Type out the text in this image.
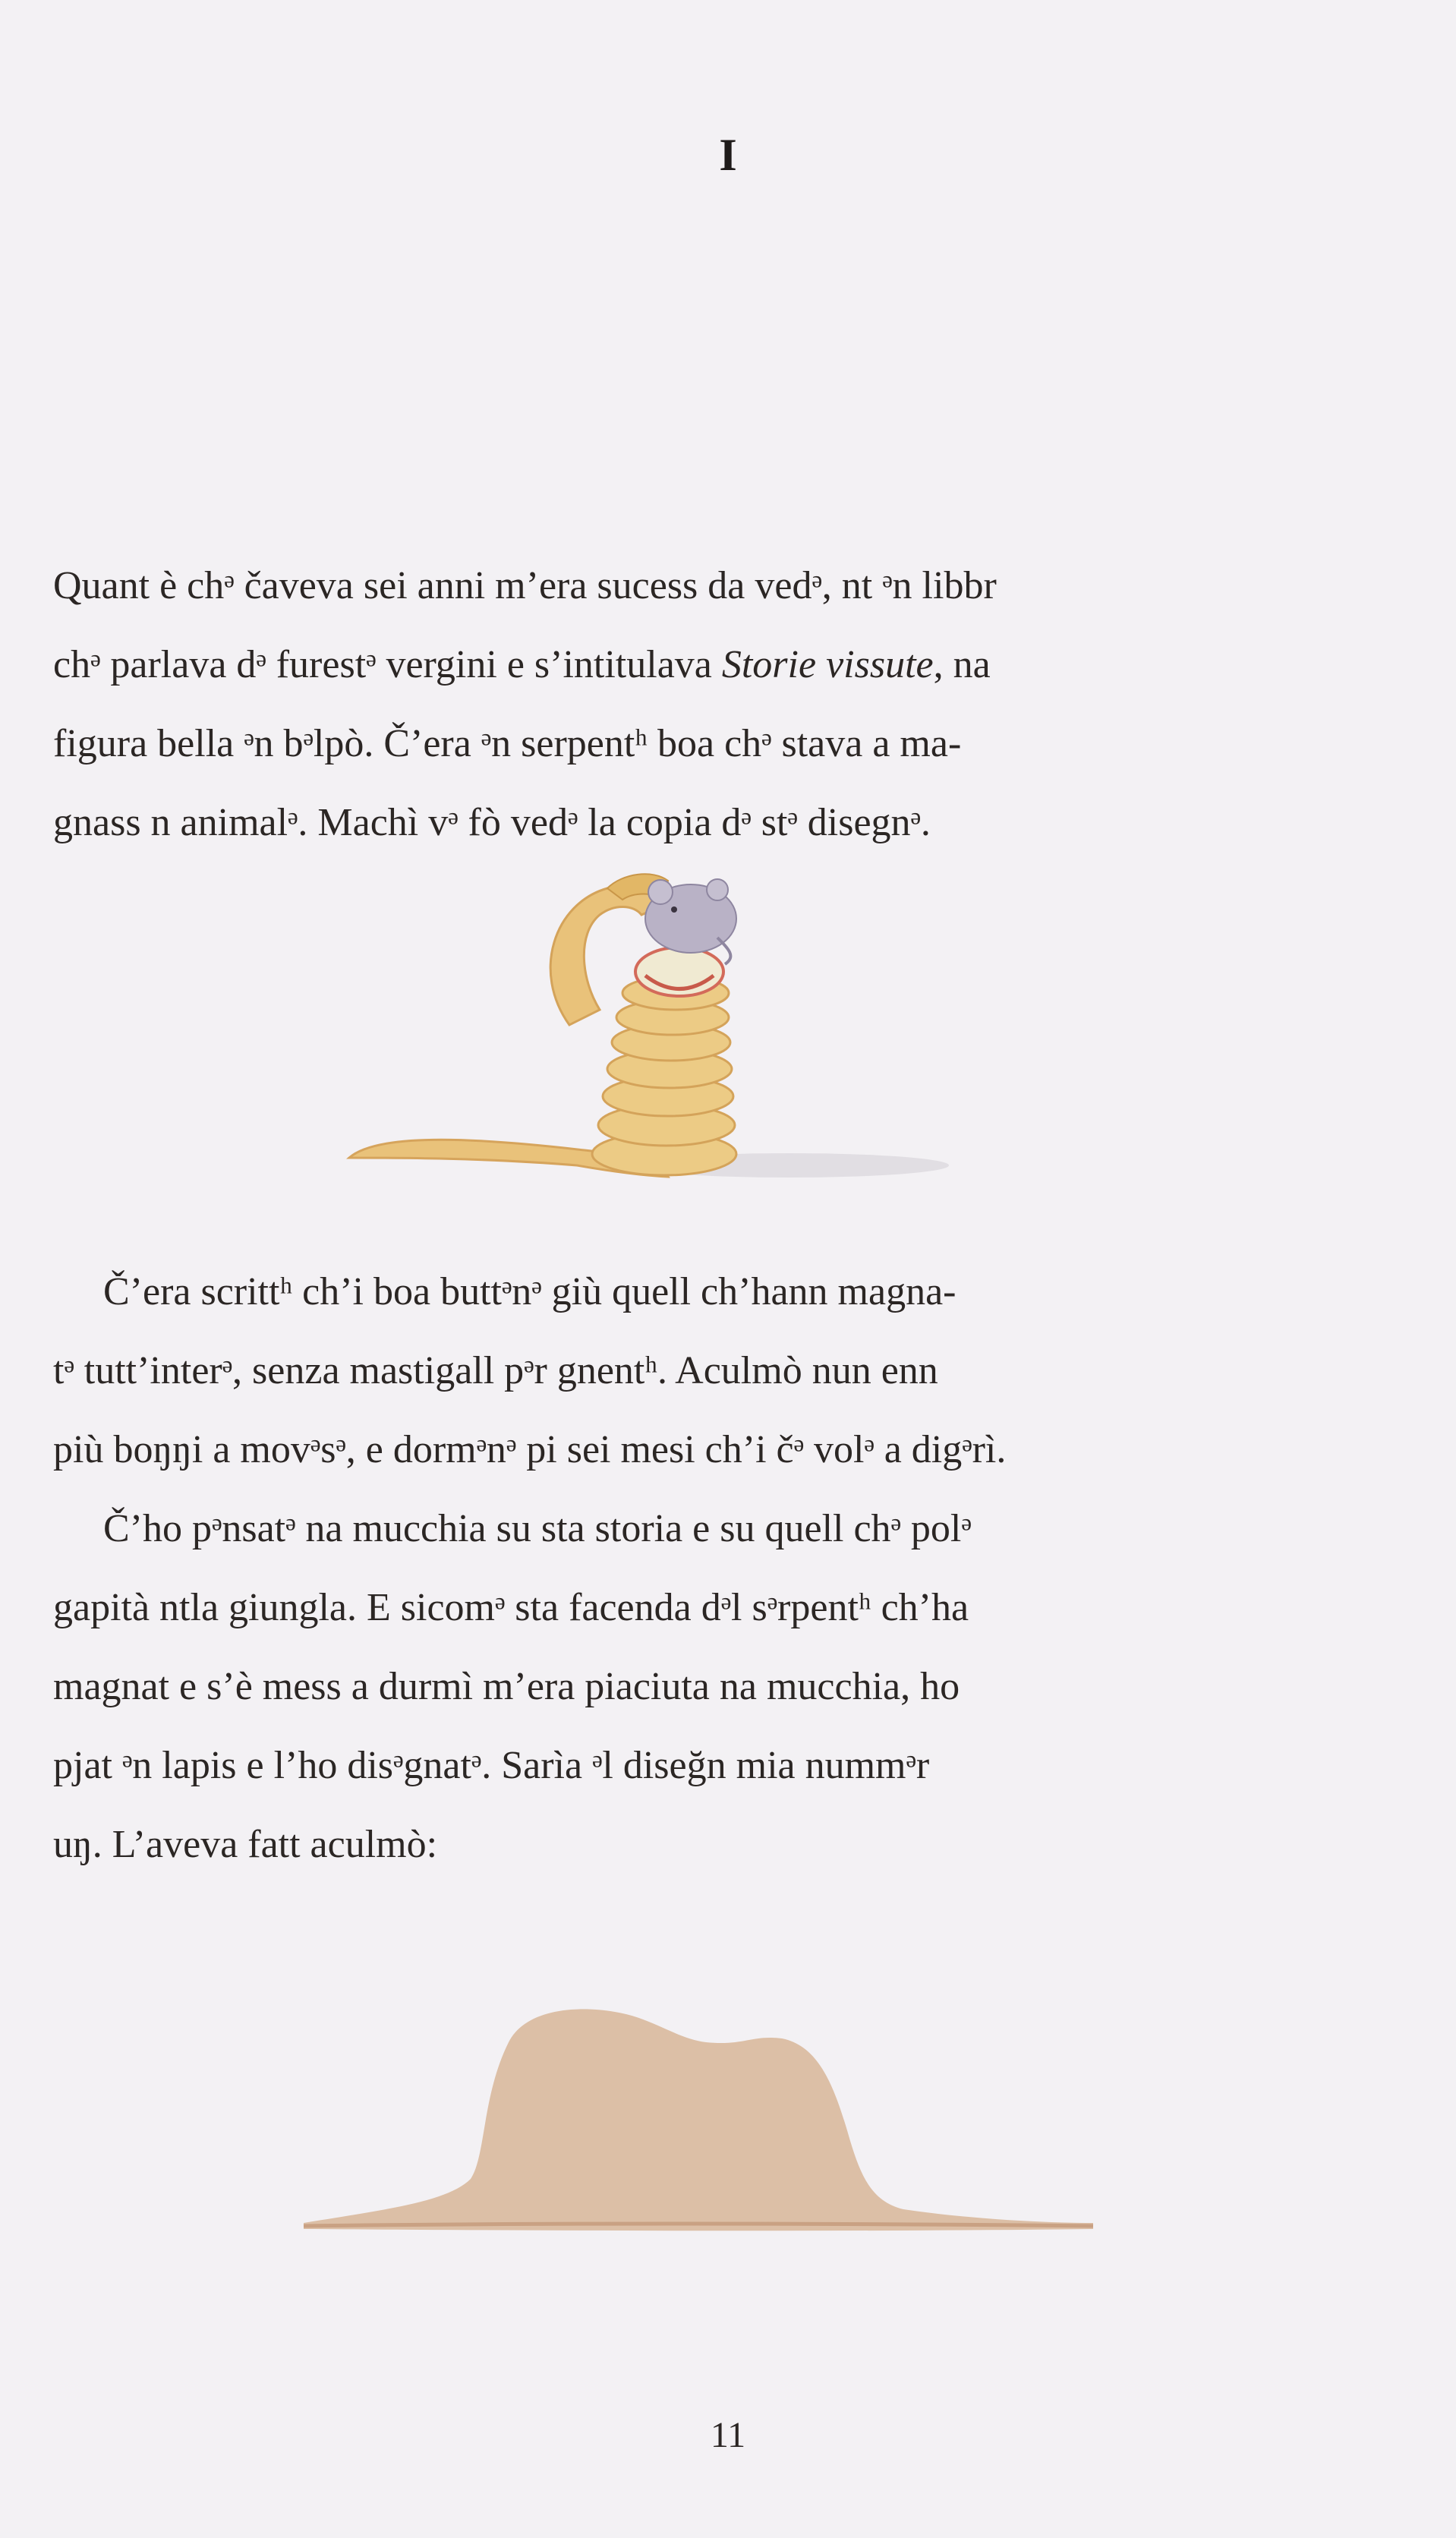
I

Quant è chᵊ čaveva sei anni m’era sucess da vedᵊ, nt ᵊn libbr
chᵊ parlava dᵊ furestᵊ vergini e s’intitulava Storie vissute, na
figura bella ᵊn bᵊlpò. Č’era ᵊn serpentʰ boa chᵊ stava a ma-
gnass n animalᵊ. Machì vᵊ fò vedᵊ la copia dᵊ stᵊ disegnᵊ.

Č’era scrittʰ ch’i boa buttᵊnᵊ giù quell ch’hann magna-
tᵊ tutt’interᵊ, senza mastigall pᵊr gnentʰ. Aculmò nun enn
più boŋŋi a movᵊsᵊ, e dormᵊnᵊ pi sei mesi ch’i čᵊ volᵊ a digᵊrì.

Č’ho pᵊnsatᵊ na mucchia su sta storia e su quell chᵊ polᵊ
gapità ntla giungla. E sicomᵊ sta facenda dᵊl sᵊrpentʰ ch’ha
magnat e s’è mess a durmì m’era piaciuta na mucchia, ho
pjat ᵊn lapis e l’ho disᵊgnatᵊ. Sarìa ᵊl diseğn mia nummᵊr
uŋ. L’aveva fatt aculmò:

11
